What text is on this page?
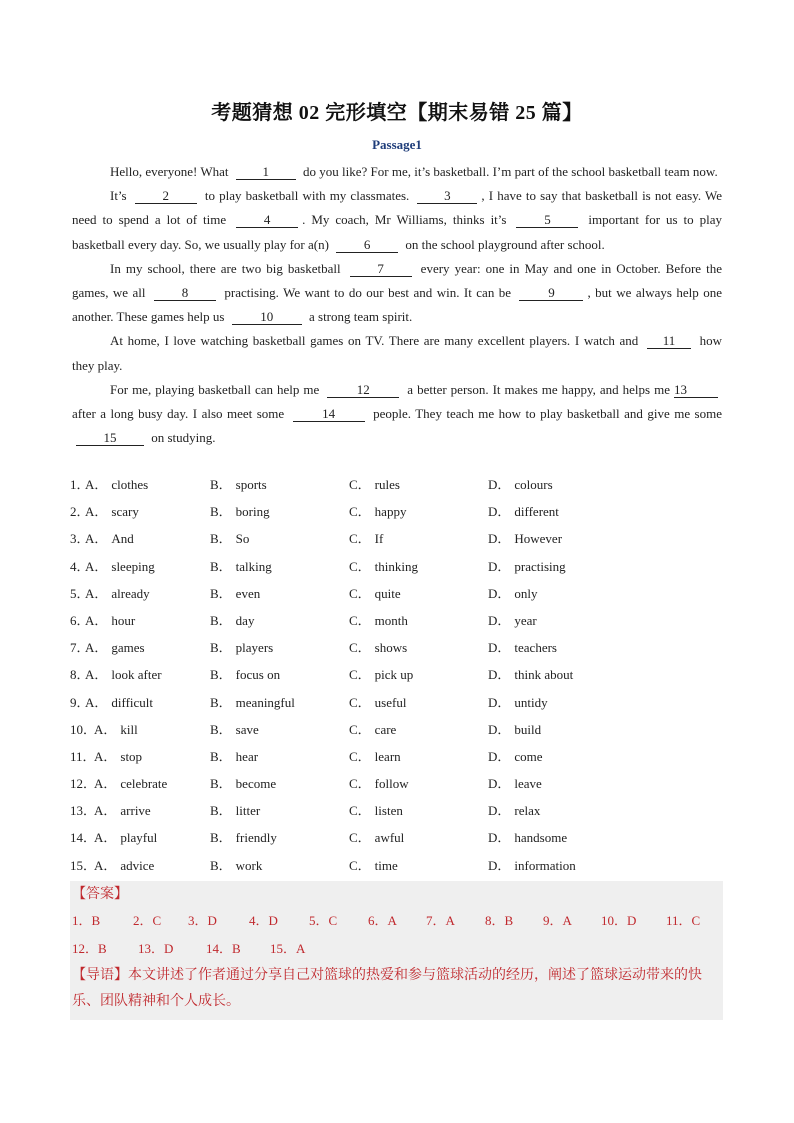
考题猜想 02 完形填空【期末易错 25 篇】
Passage1

Hello, everyone! What 1 do you like? For me, it’s basketball. I’m part of the school basketball team now.

It’s 2 to play basketball with my classmates. 3 , I have to say that basketball is not easy. We need to spend a lot of time 4 . My coach, Mr Williams, thinks it’s 5 important for us to play basketball every day. So, we usually play for a(n) 6 on the school playground after school.

In my school, there are two big basketball 7 every year: one in May and one in October. Before the games, we all 8 practising. We want to do our best and win. It can be	9	, but we always help one another. These games help us	10	a strong team spirit.

At home, I love watching basketball games on TV. There are many excellent players. I watch and 11 how they play.

For me, playing basketball can help me	12	a better person. It makes me happy, and helps me 13 after a long busy day. I also meet some	14	people. They teach me how to play basketball and give me some 15 on studying.

1．
A． clothes	B． sports	C． rules	D． colours
2．
A． scary	B． boring	C． happy	D． different
3．
A． And	B． So	C． If	D． However
4．
A． sleeping	B． talking	C． thinking	D． practising
5．
A． already	B． even	C． quite	D． only
6．
A． hour	B． day	C． month	D． year
7．
A． games	B． players	C． shows	D． teachers
8．
A． look after	B． focus on	C． pick up	D． think about
9．
A． difficult	B． meaningful	C． useful	D． untidy
10．
A． kill	B． save	C． care	D． build
11．
A． stop	B． hear	C． learn	D． come
12．
A． celebrate	B． become	C． follow	D． leave
13．
A． arrive	B． litter	C． listen	D． relax
14．
A． playful	B． friendly	C． awful	D． handsome
15．
A． advice	B． work	C． time	D． information
【答案】
1．B	2．C 3．D 4．D 5．C 6．A 7．A 8．B 9．A 10．D 11．C
12．B 13．D	14．B 15．A
【导语】本文讲述了作者通过分享自己对篮球的热爱和参与篮球活动的经历，阐述了篮球运动带来的快乐、团队精神和个人成长。
